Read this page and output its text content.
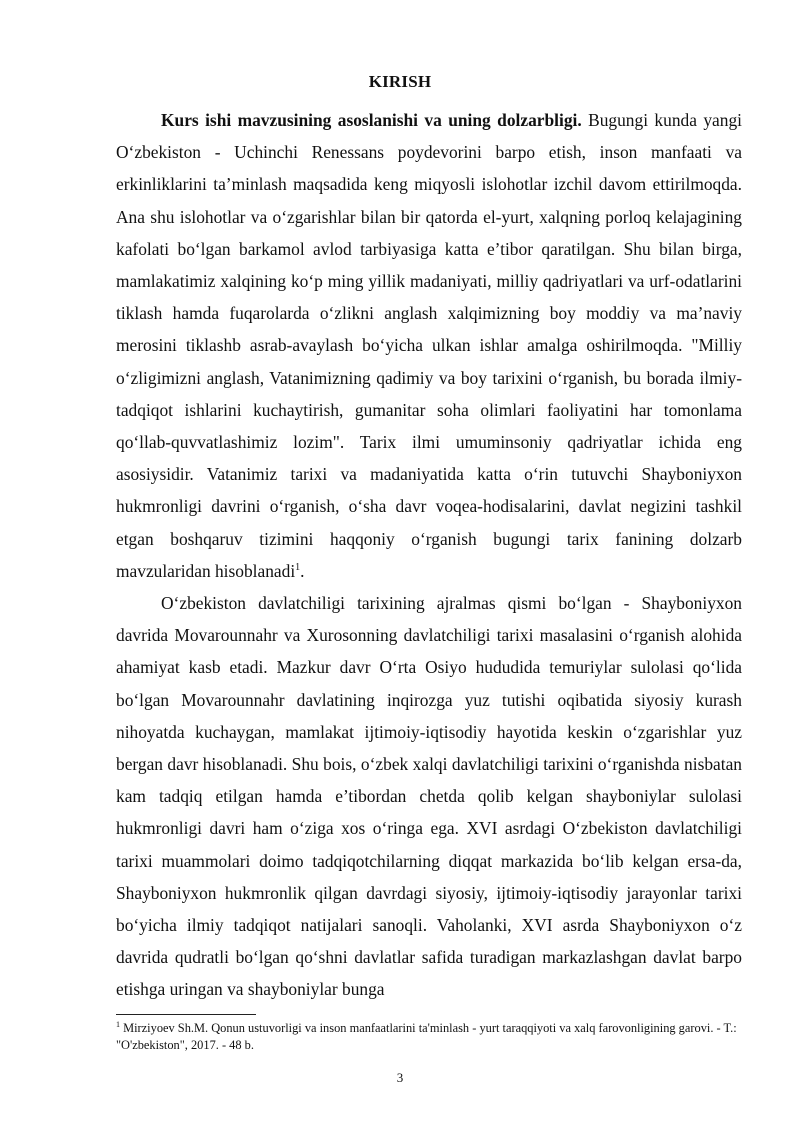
KIRISH

Kurs ishi mavzusining asoslanishi va uning dolzarbligi. Bugungi kunda yangi O‘zbekiston - Uchinchi Renessans poydevorini barpo etish, inson manfaati va erkinliklarini ta’minlash maqsadida keng miqyosli islohotlar izchil davom ettirilmoqda. Ana shu islohotlar va o‘zgarishlar bilan bir qatorda el-yurt, xalqning porloq kelajagining kafolati bo‘lgan barkamol avlod tarbiyasiga katta e’tibor qaratilgan. Shu bilan birga, mamlakatimiz xalqining ko‘p ming yillik madaniyati, milliy qadriyatlari va urf-odatlarini tiklash hamda fuqarolarda o‘zlikni anglash xalqimizning boy moddiy va ma’naviy merosini tiklashb asrab-avaylash bo‘yicha ulkan ishlar amalga oshirilmoqda. "Milliy o‘zligimizni anglash, Vatanimizning qadimiy va boy tarixini o‘rganish, bu borada ilmiy-tadqiqot ishlarini kuchaytirish, gumanitar soha olimlari faoliyatini har tomonlama qo‘llab-quvvatlashimiz lozim". Tarix ilmi umuminsoniy qadriyatlar ichida eng asosiysidir. Vatanimiz tarixi va madaniyatida katta o‘rin tutuvchi Shayboniyxon hukmronligi davrini o‘rganish, o‘sha davr voqea-hodisalarini, davlat negizini tashkil etgan boshqaruv tizimini haqqoniy o‘rganish bugungi tarix fanining dolzarb mavzularidan hisoblanadi$^1$.

O‘zbekiston davlatchiligi tarixining ajralmas qismi bo‘lgan - Shayboniyxon davrida Movarounnahr va Xurosonning davlatchiligi tarixi masalasini o‘rganish alohida ahamiyat kasb etadi. Mazkur davr O‘rta Osiyo hududida temuriylar sulolasi qo‘lida bo‘lgan Movarounnahr davlatining inqirozga yuz tutishi oqibatida siyosiy kurash nihoyatda kuchaygan, mamlakat ijtimoiy-iqtisodiy hayotida keskin o‘zgarishlar yuz bergan davr hisoblanadi. Shu bois, o‘zbek xalqi davlatchiligi tarixini o‘rganishda nisbatan kam tadqiq etilgan hamda e’tibordan chetda qolib kelgan shayboniylar sulolasi hukmronligi davri ham o‘ziga xos o‘ringa ega. XVI asrdagi O‘zbekiston davlatchiligi tarixi muammolari doimo tadqiqotchilarning diqqat markazida bo‘lib kelgan ersa-da, Shayboniyxon hukmronlik qilgan davrdagi siyosiy, ijtimoiy-iqtisodiy jarayonlar tarixi bo‘yicha ilmiy tadqiqot natijalari sanoqli. Vaholanki, XVI asrda Shayboniyxon o‘z davrida qudratli bo‘lgan qo‘shni davlatlar safida turadigan markazlashgan davlat barpo etishga uringan va shayboniylar bunga

$^1$ Mirziyoev Sh.M. Qonun ustuvorligi va inson manfaatlarini ta'minlash - yurt taraqqiyoti va xalq farovonligining garovi. - T.: "O'zbekiston", 2017. - 48 b.
3
